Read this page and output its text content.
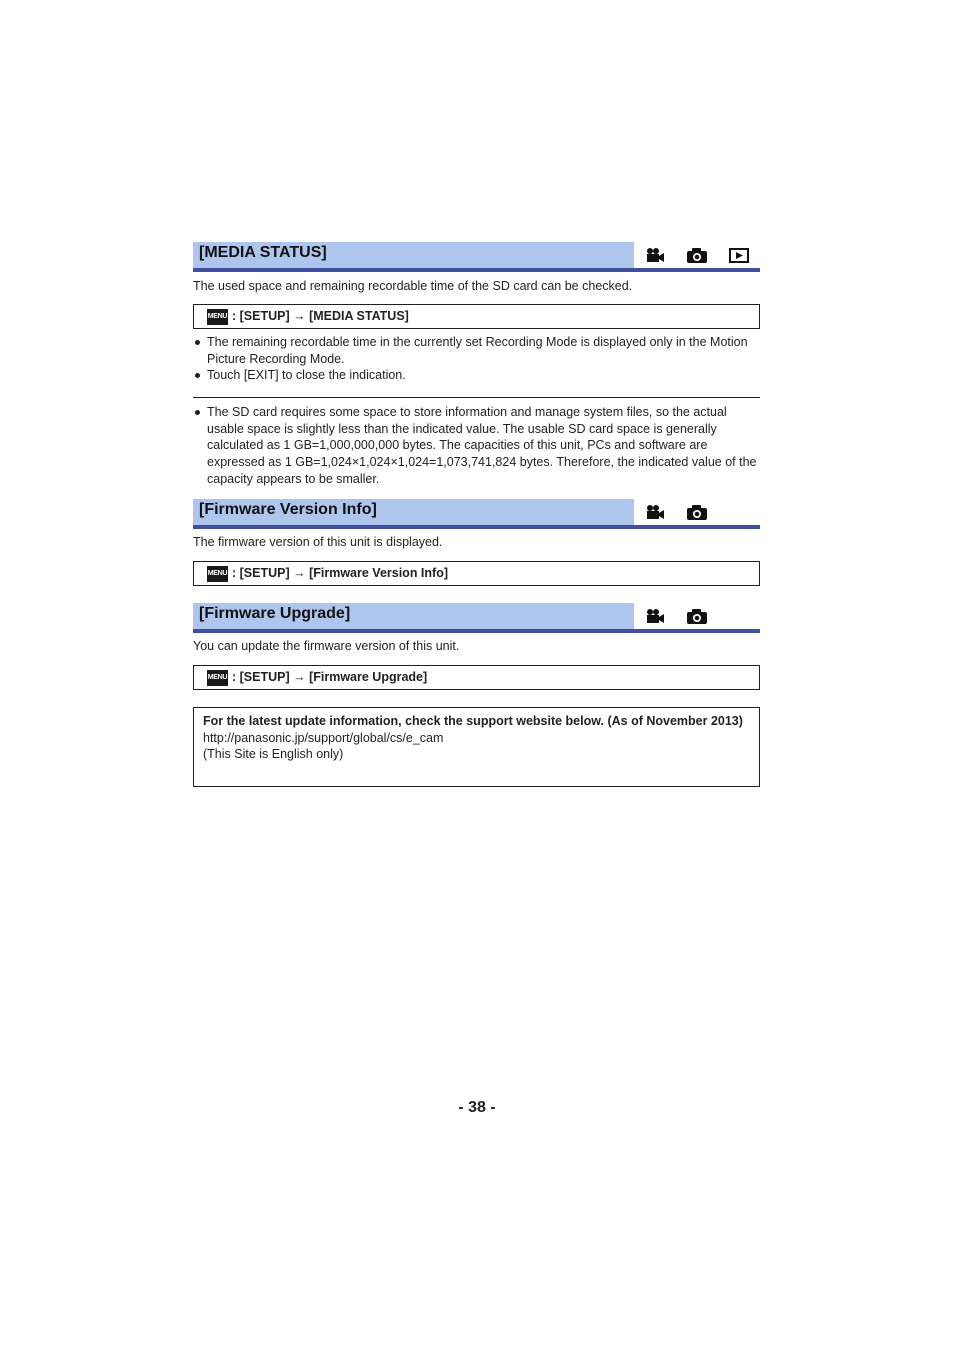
[MEDIA STATUS]
The used space and remaining recordable time of the SD card can be checked.
MENU : [SETUP] → [MEDIA STATUS]
The remaining recordable time in the currently set Recording Mode is displayed only in the Motion Picture Recording Mode.
Touch [EXIT] to close the indication.
The SD card requires some space to store information and manage system files, so the actual usable space is slightly less than the indicated value. The usable SD card space is generally calculated as 1 GB=1,000,000,000 bytes. The capacities of this unit, PCs and software are expressed as 1 GB=1,024×1,024×1,024=1,073,741,824 bytes. Therefore, the indicated value of the capacity appears to be smaller.
[Firmware Version Info]
The firmware version of this unit is displayed.
MENU : [SETUP] → [Firmware Version Info]
[Firmware Upgrade]
You can update the firmware version of this unit.
MENU : [SETUP] → [Firmware Upgrade]
For the latest update information, check the support website below. (As of November 2013)
http://panasonic.jp/support/global/cs/e_cam
(This Site is English only)
- 38 -
